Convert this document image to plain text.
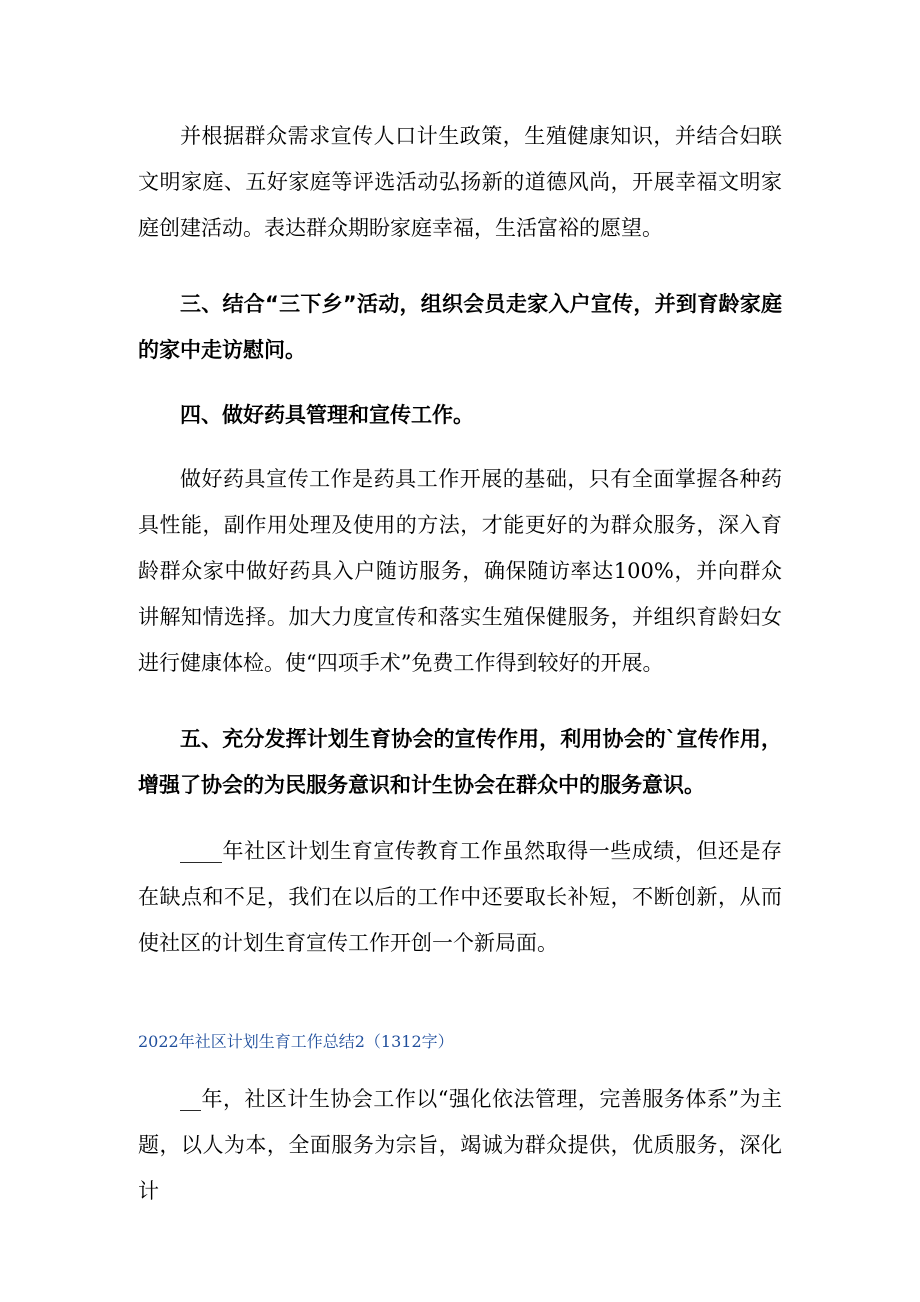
并根据群众需求宣传人口计生政策，生殖健康知识，并结合妇联文明家庭、五好家庭等评选活动弘扬新的道德风尚，开展幸福文明家庭创建活动。表达群众期盼家庭幸福，生活富裕的愿望。

三、结合“三下乡”活动，组织会员走家入户宣传，并到育龄家庭的家中走访慰问。

四、做好药具管理和宣传工作。

做好药具宣传工作是药具工作开展的基础，只有全面掌握各种药具性能，副作用处理及使用的方法，才能更好的为群众服务，深入育龄群众家中做好药具入户随访服务，确保随访率达100%，并向群众讲解知情选择。加大力度宣传和落实生殖保健服务，并组织育龄妇女进行健康体检。使“四项手术”免费工作得到较好的开展。

五、充分发挥计划生育协会的宣传作用，利用协会的`宣传作用，增强了协会的为民服务意识和计生协会在群众中的服务意识。

____年社区计划生育宣传教育工作虽然取得一些成绩，但还是存在缺点和不足，我们在以后的工作中还要取长补短，不断创新，从而使社区的计划生育宣传工作开创一个新局面。

2022年社区计划生育工作总结2（1312字）

__年，社区计生协会工作以“强化依法管理，完善服务体系”为主题，以人为本，全面服务为宗旨，竭诚为群众提供，优质服务，深化计
